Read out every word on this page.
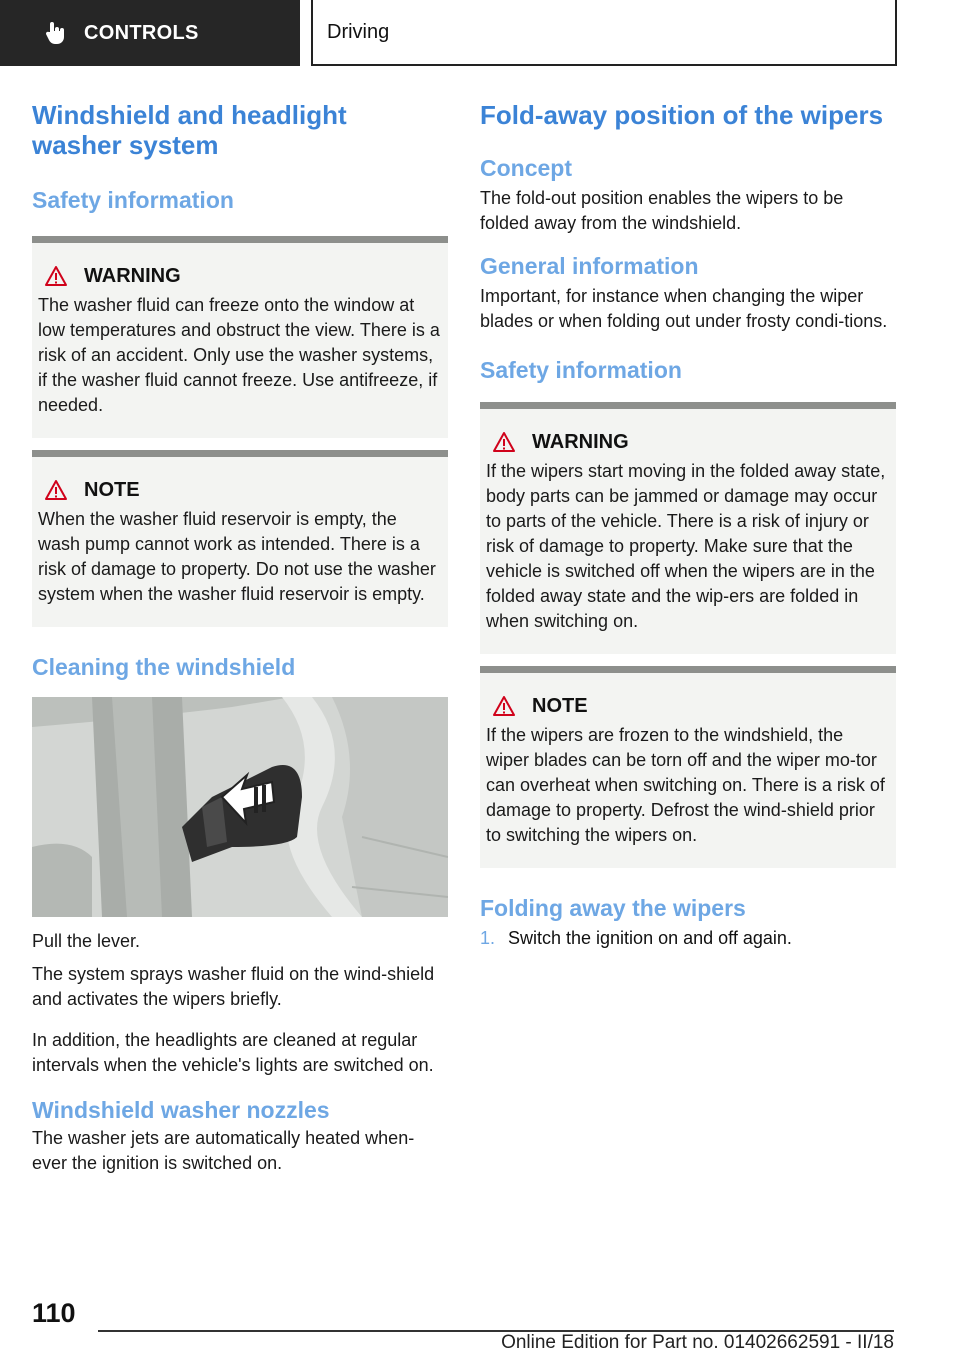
CONTROLS	Driving
Windshield and headlight washer system
Safety information
WARNING

The washer fluid can freeze onto the window at low temperatures and obstruct the view. There is a risk of an accident. Only use the washer systems, if the washer fluid cannot freeze. Use antifreeze, if needed.

NOTE

When the washer fluid reservoir is empty, the wash pump cannot work as intended. There is a risk of damage to property. Do not use the washer system when the washer fluid reservoir is empty.

Cleaning the windshield

Pull the lever.

The system sprays washer fluid on the wind‐shield and activates the wipers briefly.

In addition, the headlights are cleaned at regular intervals when the vehicle's lights are switched on.

Windshield washer nozzles

The washer jets are automatically heated when‐ever the ignition is switched on.

Fold-away position of the wipers
Concept

The fold-out position enables the wipers to be folded away from the windshield.

General information

Important, for instance when changing the wiper blades or when folding out under frosty condi‐tions.

Safety information
WARNING

If the wipers start moving in the folded away state, body parts can be jammed or damage may occur to parts of the vehicle. There is a risk of injury or risk of damage to property. Make sure that the vehicle is switched off when the wipers are in the folded away state and the wip‐ers are folded in when switching on.

NOTE

If the wipers are frozen to the windshield, the wiper blades can be torn off and the wiper mo‐tor can overheat when switching on. There is a risk of damage to property. Defrost the wind‐shield prior to switching the wipers on.

Folding away the wipers
1. Switch the ignition on and off again.
110
Online Edition for Part no. 01402662591 - II/18
